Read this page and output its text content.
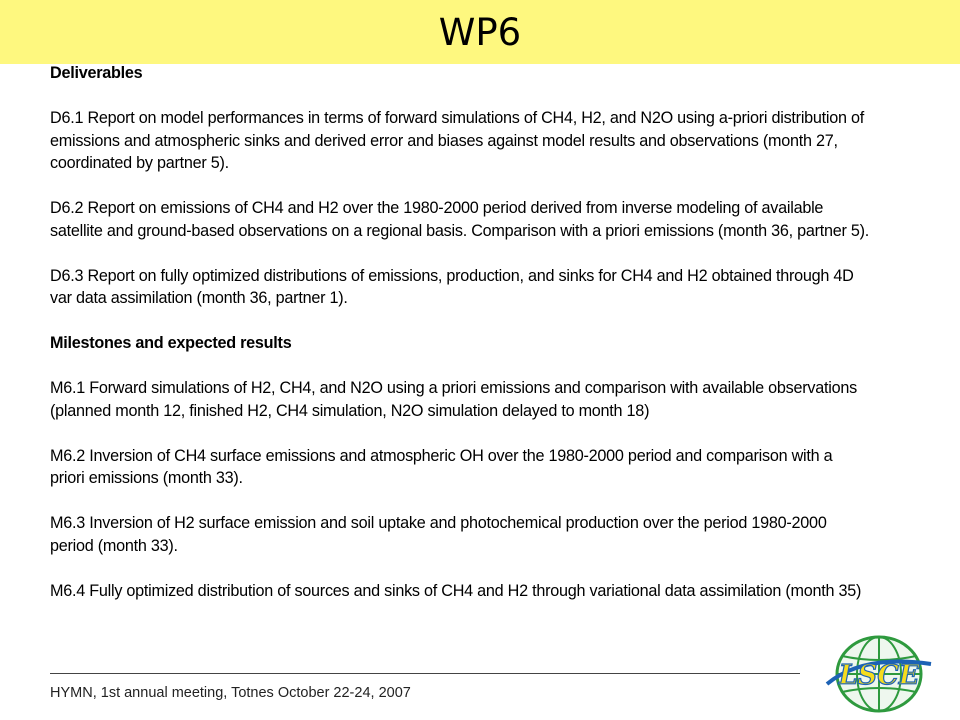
WP6

Deliverables

D6.1 Report on model performances in terms of forward simulations of CH4, H2, and N2O using a-priori distribution of emissions and atmospheric sinks and derived error and biases against model results and observations (month 27, coordinated by partner 5).

D6.2 Report on emissions of CH4 and H2 over the 1980-2000 period derived from inverse modeling of available satellite and ground-based observations on a regional basis. Comparison with a priori emissions (month 36, partner 5).

D6.3 Report on fully optimized distributions of emissions, production, and sinks for CH4 and H2 obtained through 4D var data assimilation (month 36, partner 1).

Milestones and expected results

M6.1 Forward simulations of H2, CH4, and N2O using a priori emissions and comparison with available observations (planned month 12, finished H2, CH4 simulation, N2O simulation delayed to month 18)

M6.2 Inversion of CH4 surface emissions and atmospheric OH over the 1980-2000 period and comparison with a priori emissions (month 33).

M6.3 Inversion of H2 surface emission and soil uptake and photochemical production over the period 1980-2000 period (month 33).

M6.4 Fully optimized distribution of sources and sinks of CH4 and H2 through variational data assimilation (month 35)

HYMN, 1st annual meeting, Totnes October 22-24, 2007
LSCE
